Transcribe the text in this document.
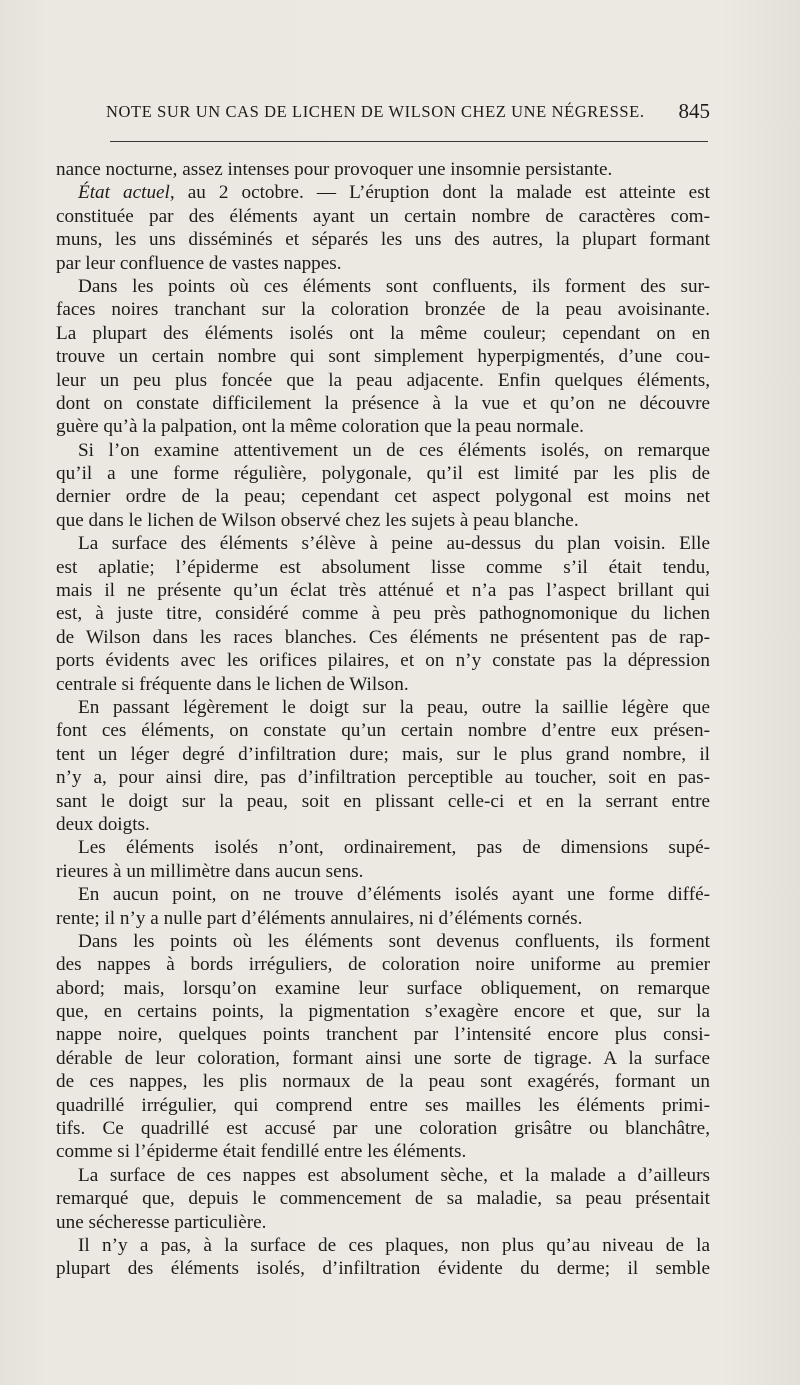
NOTE SUR UN CAS DE LICHEN DE WILSON CHEZ UNE NÉGRESSE. 845
nance nocturne, assez intenses pour provoquer une insomnie persistante.
État actuel, au 2 octobre. — L’éruption dont la malade est atteinte est
constituée par des éléments ayant un certain nombre de caractères com-
muns, les uns disséminés et séparés les uns des autres, la plupart formant
par leur confluence de vastes nappes.
Dans les points où ces éléments sont confluents, ils forment des sur-
faces noires tranchant sur la coloration bronzée de la peau avoisinante.
La plupart des éléments isolés ont la même couleur; cependant on en
trouve un certain nombre qui sont simplement hyperpigmentés, d’une cou-
leur un peu plus foncée que la peau adjacente. Enfin quelques éléments,
dont on constate difficilement la présence à la vue et qu’on ne découvre
guère qu’à la palpation, ont la même coloration que la peau normale.
Si l’on examine attentivement un de ces éléments isolés, on remarque
qu’il a une forme régulière, polygonale, qu’il est limité par les plis de
dernier ordre de la peau; cependant cet aspect polygonal est moins net
que dans le lichen de Wilson observé chez les sujets à peau blanche.
La surface des éléments s’élève à peine au-dessus du plan voisin. Elle
est aplatie; l’épiderme est absolument lisse comme s’il était tendu,
mais il ne présente qu’un éclat très atténué et n’a pas l’aspect brillant qui
est, à juste titre, considéré comme à peu près pathognomonique du lichen
de Wilson dans les races blanches. Ces éléments ne présentent pas de rap-
ports évidents avec les orifices pilaires, et on n’y constate pas la dépression
centrale si fréquente dans le lichen de Wilson.
En passant légèrement le doigt sur la peau, outre la saillie légère que
font ces éléments, on constate qu’un certain nombre d’entre eux présen-
tent un léger degré d’infiltration dure; mais, sur le plus grand nombre, il
n’y a, pour ainsi dire, pas d’infiltration perceptible au toucher, soit en pas-
sant le doigt sur la peau, soit en plissant celle-ci et en la serrant entre
deux doigts.
Les éléments isolés n’ont, ordinairement, pas de dimensions supé-
rieures à un millimètre dans aucun sens.
En aucun point, on ne trouve d’éléments isolés ayant une forme diffé-
rente; il n’y a nulle part d’éléments annulaires, ni d’éléments cornés.
Dans les points où les éléments sont devenus confluents, ils forment
des nappes à bords irréguliers, de coloration noire uniforme au premier
abord; mais, lorsqu’on examine leur surface obliquement, on remarque
que, en certains points, la pigmentation s’exagère encore et que, sur la
nappe noire, quelques points tranchent par l’intensité encore plus consi-
dérable de leur coloration, formant ainsi une sorte de tigrage. A la surface
de ces nappes, les plis normaux de la peau sont exagérés, formant un
quadrillé irrégulier, qui comprend entre ses mailles les éléments primi-
tifs. Ce quadrillé est accusé par une coloration grisâtre ou blanchâtre,
comme si l’épiderme était fendillé entre les éléments.
La surface de ces nappes est absolument sèche, et la malade a d’ailleurs
remarqué que, depuis le commencement de sa maladie, sa peau présentait
une sécheresse particulière.
Il n’y a pas, à la surface de ces plaques, non plus qu’au niveau de la
plupart des éléments isolés, d’infiltration évidente du derme; il semble
